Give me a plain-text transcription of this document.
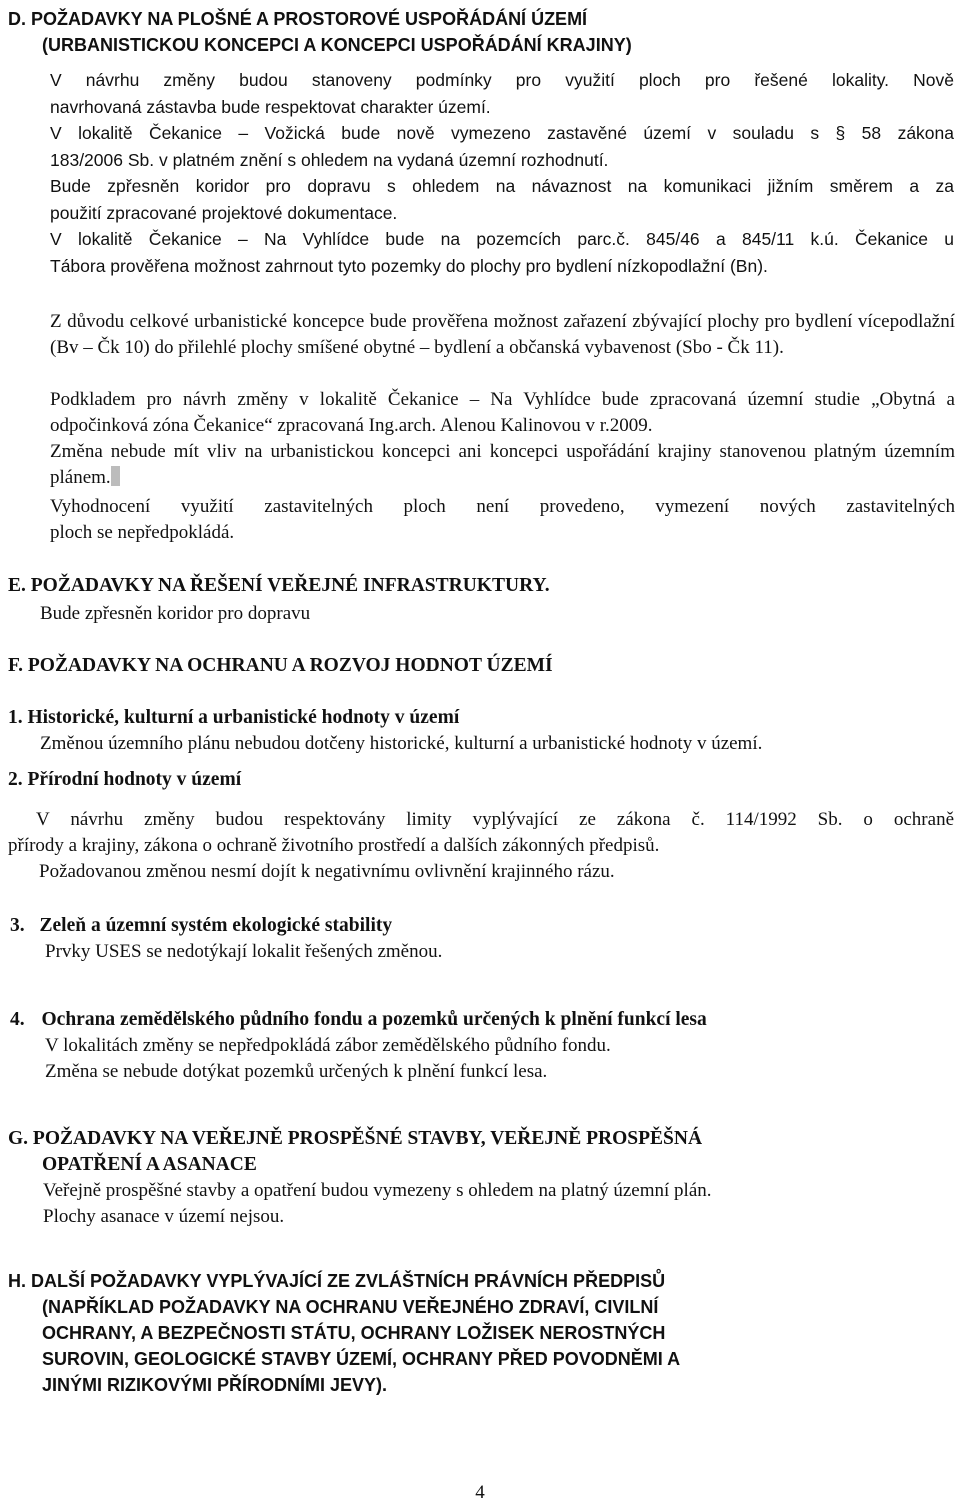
D. POŽADAVKY NA PLOŠNÉ A PROSTOROVÉ USPOŘÁDÁNÍ ÚZEMÍ
(URBANISTICKOU KONCEPCI A KONCEPCI USPOŘÁDÁNÍ KRAJINY)
V návrhu změny budou stanoveny podmínky pro využití ploch pro řešené lokality. Nově
navrhovaná zástavba bude respektovat charakter území.
V lokalitě Čekanice – Vožická bude nově vymezeno zastavěné území v souladu s § 58 zákona
183/2006 Sb. v platném znění s ohledem na vydaná územní rozhodnutí.
Bude zpřesněn koridor pro dopravu s ohledem na návaznost na komunikaci jižním směrem a za
použití zpracované projektové dokumentace.
V lokalitě Čekanice – Na Vyhlídce bude na pozemcích parc.č. 845/46 a 845/11 k.ú. Čekanice u
Tábora prověřena možnost zahrnout tyto pozemky do plochy pro bydlení nízkopodlažní (Bn).
Z důvodu celkové urbanistické koncepce bude prověřena možnost zařazení zbývající plochy pro bydlení vícepodlažní (Bv – Čk 10) do přilehlé plochy smíšené obytné – bydlení a občanská vybavenost (Sbo - Čk 11).
Podkladem pro návrh změny v lokalitě Čekanice – Na Vyhlídce bude zpracovaná územní studie „Obytná a odpočinková zóna Čekanice“ zpracovaná Ing.arch. Alenou Kalinovou v r.2009.
Změna nebude mít vliv na urbanistickou koncepci ani koncepci uspořádání krajiny stanovenou platným územním plánem.
Vyhodnocení využití zastavitelných ploch není provedeno, vymezení nových zastavitelných
ploch se nepředpokládá.
E. POŽADAVKY NA ŘEŠENÍ VEŘEJNÉ INFRASTRUKTURY.
Bude zpřesněn koridor pro dopravu
F. POŽADAVKY NA OCHRANU A ROZVOJ HODNOT ÚZEMÍ
1. Historické, kulturní a urbanistické hodnoty v území
Změnou územního plánu nebudou dotčeny historické, kulturní a urbanistické hodnoty v území.
2. Přírodní hodnoty v území
V návrhu změny budou respektovány limity vyplývající ze zákona č. 114/1992 Sb. o ochraně
přírody a krajiny, zákona o ochraně životního prostředí a dalších zákonných předpisů.
Požadovanou změnou nesmí dojít k negativnímu ovlivnění krajinného rázu.
3. Zeleň a územní systém ekologické stability
Prvky USES se nedotýkají lokalit řešených změnou.
4. Ochrana zemědělského půdního fondu a pozemků určených k plnění funkcí lesa
V lokalitách změny se nepředpokládá zábor zemědělského půdního fondu.
Změna se nebude dotýkat pozemků určených k plnění funkcí lesa.
G. POŽADAVKY NA VEŘEJNĚ PROSPĚŠNÉ STAVBY, VEŘEJNĚ PROSPĚŠNÁ
OPATŘENÍ A ASANACE
Veřejně prospěšné stavby a opatření budou vymezeny s ohledem na platný územní plán.
Plochy asanace v území nejsou.
H. DALŠÍ POŽADAVKY VYPLÝVAJÍCÍ ZE ZVLÁŠTNÍCH PRÁVNÍCH PŘEDPISŮ
(NAPŘÍKLAD POŽADAVKY NA OCHRANU VEŘEJNÉHO ZDRAVÍ, CIVILNÍ
OCHRANY, A BEZPEČNOSTI STÁTU, OCHRANY LOŽISEK NEROSTNÝCH
SUROVIN, GEOLOGICKÉ STAVBY ÚZEMÍ, OCHRANY PŘED POVODNĚMI A
JINÝMI RIZIKOVÝMI PŘÍRODNÍMI JEVY).
4
